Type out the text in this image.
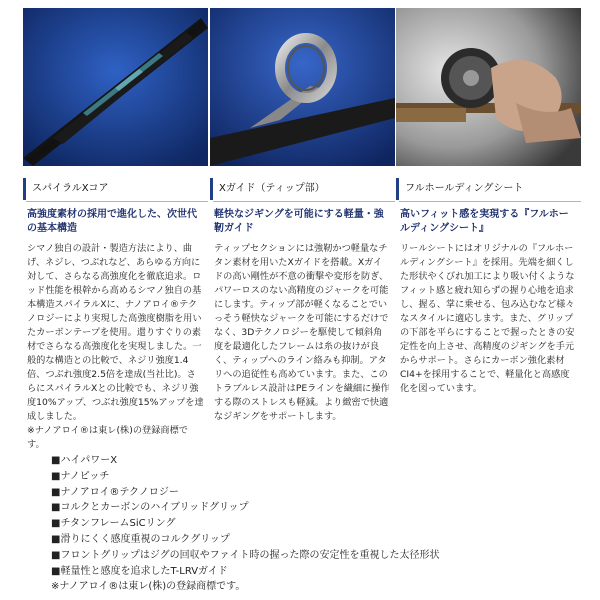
スパイラルXコア
高強度素材の採用で進化した、次世代の基本構造
シマノ独自の設計・製造方法により、曲げ、ネジレ、つぶれなど、あらゆる方向に対して、さらなる高強度化を徹底追求。ロッド性能を根幹から高めるシマノ独自の基本構造スパイラルXに、ナノアロイ®テクノロジーにより実現した高強度樹脂を用いたカーボンテープを使用。還りすぐりの素材でさらなる高強度化を実現しました。一般的な構造との比較で、ネジリ強度1.4倍、つぶれ強度2.5倍を達成(当社比)。さらにスパイラルXとの比較でも、ネジリ強度10%アップ、つぶれ強度15%アップを達成しました。
※ナノアロイ®は東レ(株)の登録商標です。
Xガイド（ティップ部）
軽快なジギングを可能にする軽量・強靭ガイド
ティップセクションには強靭かつ軽量なチタン素材を用いたXガイドを搭載。Xガイドの高い剛性が不意の衝撃や変形を防ぎ、パワーロスのない高精度のジャークを可能にします。ティップ部が軽くなることでいっそう軽快なジャークを可能にするだけでなく、3Dテクノロジーを駆使して傾斜角度を最適化したフレームは糸の抜けが良く、ティップへのライン絡みも抑制。アタリへの追従性も高めています。また、このトラブルレス設計はPEラインを繊細に操作する際のストレスも軽減。より緻密で快適なジギングをサポートします。
フルホールディングシート
高いフィット感を実現する『フルホールディングシート』
リールシートにはオリジナルの『フルホールディングシート』を採用。先端を細くした形状やくびれ加工により吸い付くようなフィット感と疲れ知らずの握り心地を追求し、握る、掌に乗せる、包み込むなど様々なスタイルに適応します。また、グリップの下部を平らにすることで握ったときの安定性を向上させ、高精度のジギングを手元からサポート。さらにカーボン強化素材CI4+を採用することで、軽量化と高感度化を図っています。
■ハイパワーX
■ナノピッチ
■ナノアロイ®テクノロジー
■コルクとカーボンのハイブリッドグリップ
■チタンフレームSiCリング
■滑りにくく感度重視のコルクグリップ
■フロントグリップはジグの回収やファイト時の握った際の安定性を重視した太径形状
■軽量性と感度を追求したT-LRVガイド
※ナノアロイ®は東レ(株)の登録商標です。
